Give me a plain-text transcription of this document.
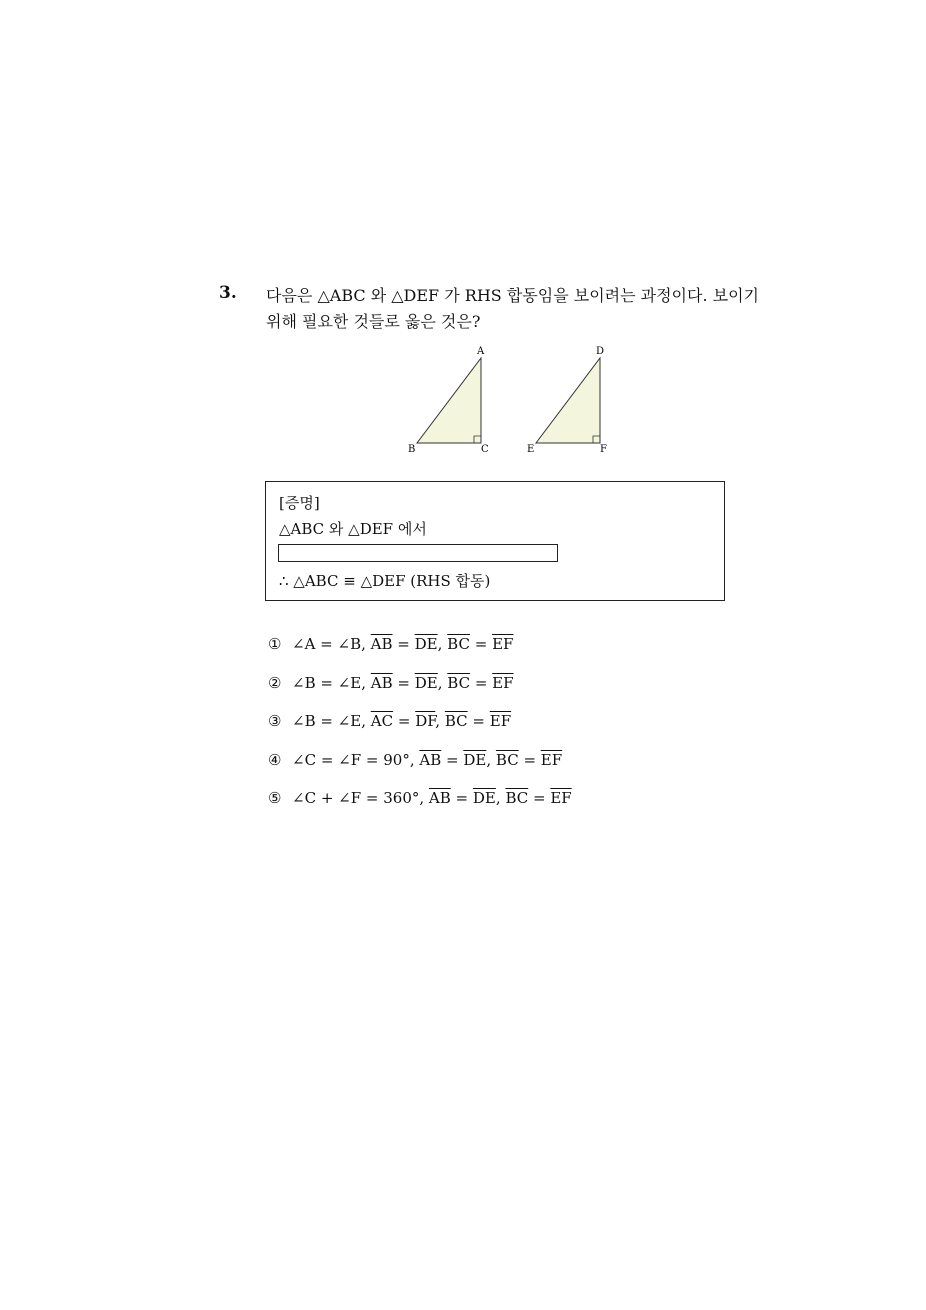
3. 다음은 △ABC 와 △DEF 가 RHS 합동임을 보이려는 과정이다. 보이기
위해 필요한 것들로 옳은 것은?
A
B	C
D
E	F
[증명]
△ABC 와 △DEF 에서
∴ △ABC ≡ △DEF (RHS 합동)
① ∠A = ∠B, $\overline{AB} = \overline{DE}$, $\overline{BC} = \overline{EF}$
② ∠B = ∠E, $\overline{AB} = \overline{DE}$, $\overline{BC} = \overline{EF}$
③ ∠B = ∠E, $\overline{AC} = \overline{DF}$, $\overline{BC} = \overline{EF}$
④ ∠C = ∠F = 90°, $\overline{AB} = \overline{DE}$, $\overline{BC} = \overline{EF}$
⑤ ∠C + ∠F = 360°, $\overline{AB} = \overline{DE}$, $\overline{BC} = \overline{EF}$
